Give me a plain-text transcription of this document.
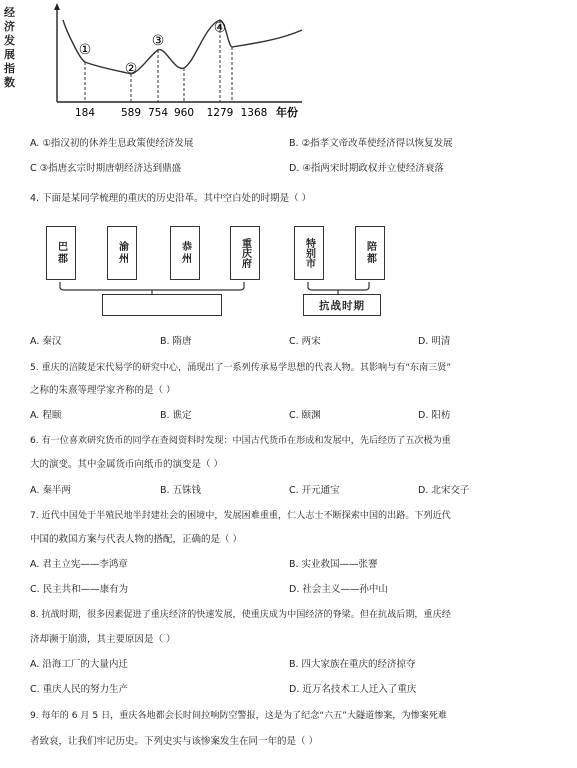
经济发展指数
①
②
③
④
184 589 754 960 1279 1368 年份
A. ①指汉初的休养生息政策使经济发展	B. ②指孝文帝改革使经济得以恢复发展
C ③指唐玄宗时期唐朝经济达到鼎盛	D. ④指两宋时期政权并立使经济衰落
4. 下面是某同学梳理的重庆的历史沿革。其中空白处的时期是（ ）
巴郡	渝州	恭州	重庆府	特别市	陪都
抗战时期
A. 秦汉	B. 隋唐	C. 两宋	D. 明清
5. 重庆的涪陵是宋代易学的研究中心，涌现出了一系列传承易学思想的代表人物。其影响与有“东南三贤”
之称的朱熹等理学家齐称的是（ ）
A. 程颐	B. 谯定	C. 颐渊	D. 阳枋
6. 有一位喜欢研究货币的同学在查阅资料时发现：中国古代货币在形成和发展中，先后经历了五次极为重
大的演变。其中金属货币向纸币的演变是（ ）
A. 秦半两	B. 五铢钱	C. 开元通宝	D. 北宋交子
7. 近代中国处于半殖民地半封建社会的困境中，发展困难重重，仁人志士不断探索中国的出路。下列近代
中国的救国方案与代表人物的搭配，正确的是（ ）
A. 君主立宪——李鸿章	B. 实业救国——张謇
C. 民主共和——康有为	D. 社会主义——孙中山
8. 抗战时期，很多因素促进了重庆经济的快速发展，使重庆成为中国经济的脊梁。但在抗战后期，重庆经
济却濒于崩溃，其主要原因是（ ）
A. 沿海工厂的大量内迁	B. 四大家族在重庆的经济掠夺
C. 重庆人民的努力生产	D. 近万名技术工人迁入了重庆
9. 每年的 6 月 5 日，重庆各地都会长时间拉响防空警报，这是为了纪念“六五”大隧道惨案，为惨案死难
者致哀，让我们牢记历史。下列史实与该惨案发生在同一年的是（ ）
